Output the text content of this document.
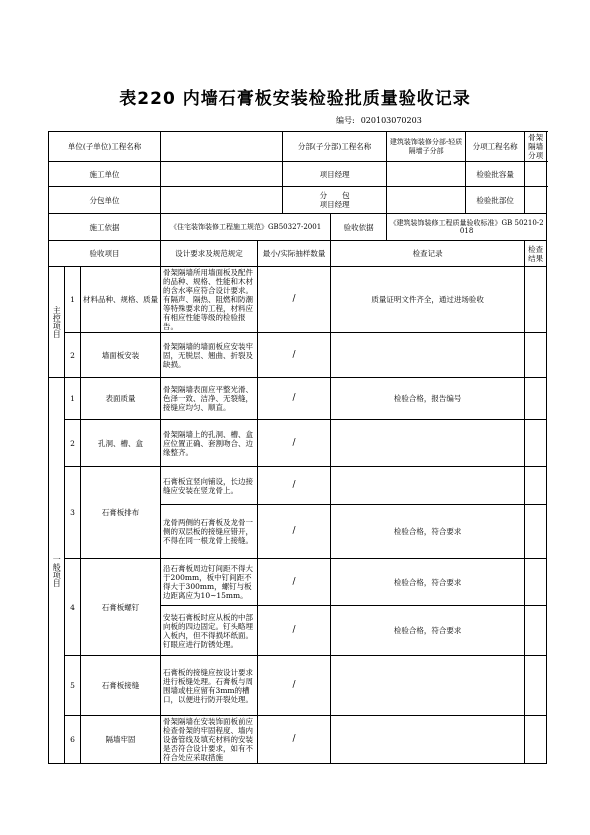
表220 内墙石膏板安装检验批质量验收记录
编号: 020103070203
单位(子单位)工程名称					分部(子分部)工程名称		建筑装饰装修分部-轻质隔墙子分部	分项工程名称	骨架隔墙分项
施工单位					项目经理			检验批容量	
分包单位					分　　包
项目经理			检验批部位	
施工依据			《住宅装饰装修工程施工规范》GB50327-2001			验收依据	《建筑装饰装修工程质量验收标准》GB 50210-2018		
验收项目			设计要求及规范规定	最小/实际抽样数量		检查记录			检查结果

主控项目	1	材料品种、规格、质量	骨架隔墙所用墙面板及配件的品种、规格、性能和木材的含水率应符合设计要求。有隔声、隔热、阻燃和防潮等特殊要求的工程，材料应有相应性能等级的检验报告。	/		质量证明文件齐全，通过进场验收			
	2	墙面板安装	骨架隔墙的墙面板应安装牢固，无脱层、翘曲、折裂及缺损。	/					

一般项目	1	表面质量	骨架隔墙表面应平整光滑、色泽一致、洁净、无裂缝，接缝应均匀、顺直。	/		检验合格，报告编号			
	2	孔洞、槽、盒	骨架隔墙上的孔洞、槽、盒应位置正确、套割吻合、边缘整齐。	/					
	3	石膏板排布	石膏板宜竖向铺设，长边接缝应安装在竖龙骨上。	/					
			龙骨两侧的石膏板及龙骨一侧的双层板的接缝应错开，不得在同一根龙骨上接缝。	/		检验合格，符合要求			
	4	石膏板螺钉	沿石膏板周边钉间距不得大于200mm，板中钉间距不得大于300mm，螺钉与板边距离应为10~15mm。	/		检验合格，符合要求			
			安装石膏板时应从板的中部向板的四边固定。钉头略埋入板内，但不得损坏纸面。钉眼应进行防锈处理。	/		检验合格，符合要求			
	5	石膏板接缝	石膏板的接缝应按设计要求进行板缝处理。石膏板与周围墙或柱应留有3mm的槽口，以便进行防开裂处理。	/					
	6	隔墙牢固	骨架隔墙在安装饰面板前应检查骨架的牢固程度、墙内设备管线及填充材料的安装是否符合设计要求，如有不符合处应采取措施	/					
